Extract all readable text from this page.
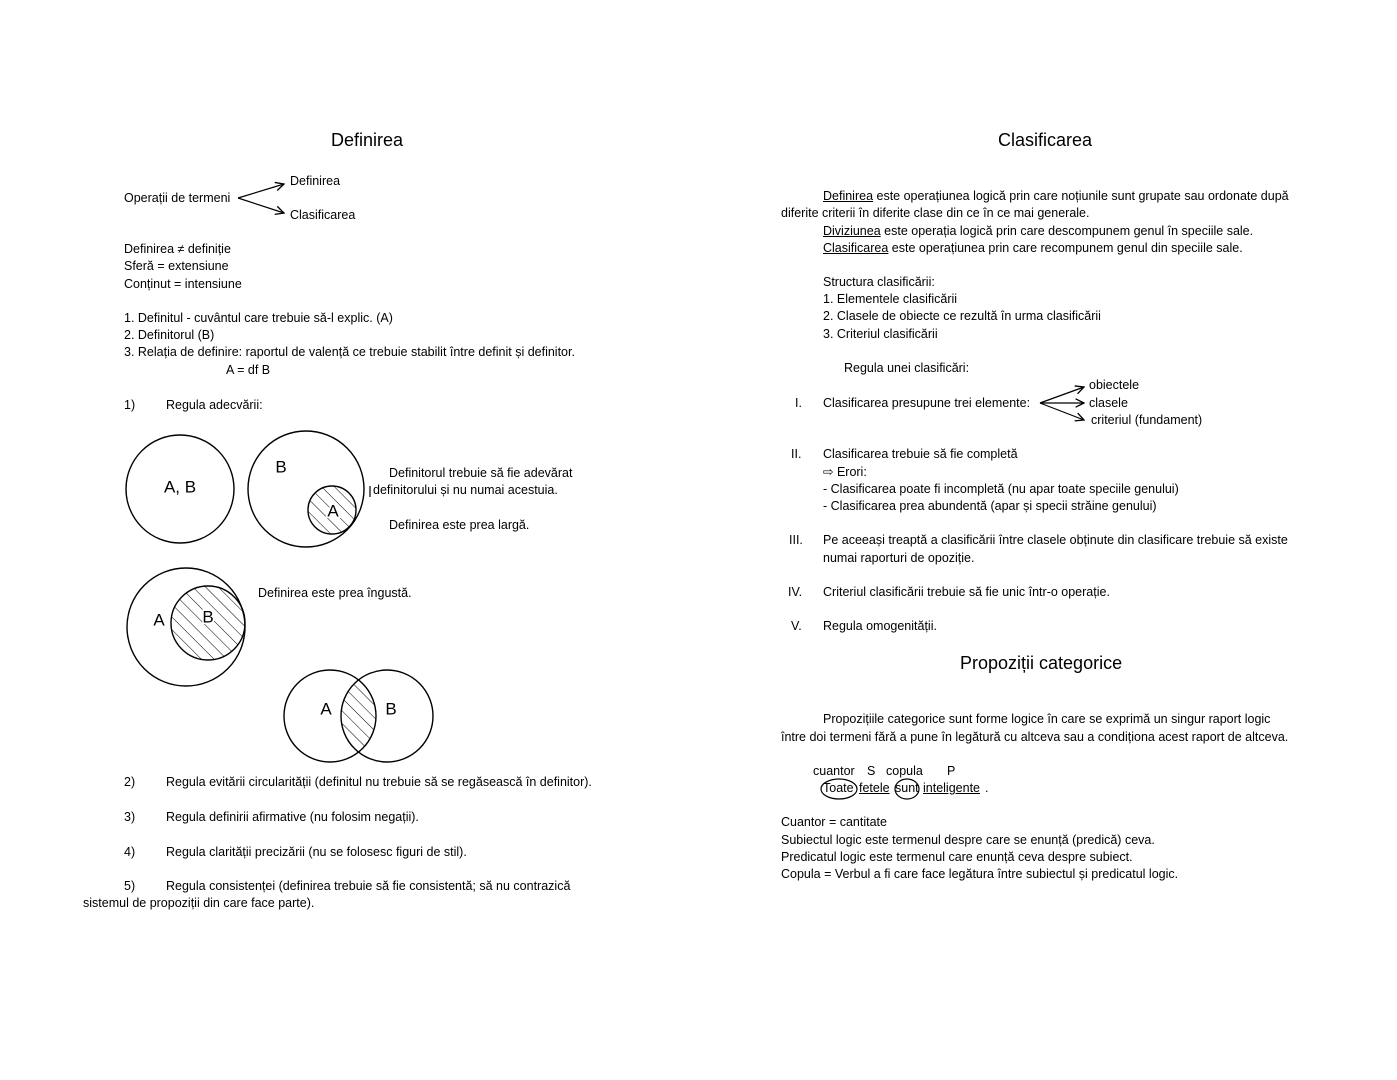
Definirea
Operații de termeni
Definirea
Clasificarea
Definirea ≠ definiție
Sferă = extensiune
Conținut = intensiune
1. Definitul - cuvântul care trebuie să-l explic. (A)
2. Definitorul (B)
3. Relația de definire: raportul de valență ce trebuie stabilit între definit și definitor.
A = df B
1) Regula adecvării:
Definitorul trebuie să fie adevărat
definitorului și nu numai acestuia.
Definirea este prea largă.
Definirea este prea îngustă.
2) Regula evitării circularității (definitul nu trebuie să se regăsească în definitor).
3) Regula definirii afirmative (nu folosim negații).
4) Regula clarității precizării (nu se folosesc figuri de stil).
5) Regula consistenței (definirea trebuie să fie consistentă; să nu contrazică
sistemul de propoziții din care face parte).
Clasificarea
Definirea este operațiunea logică prin care noțiunile sunt grupate sau ordonate după
diferite criterii în diferite clase din ce în ce mai generale.
Diviziunea este operația logică prin care descompunem genul în speciile sale.
Clasificarea este operațiunea prin care recompunem genul din speciile sale.
Structura clasificării:
1. Elementele clasificării
2. Clasele de obiecte ce rezultă în urma clasificării
3. Criteriul clasificării
Regula unei clasificări:
I. Clasificarea presupune trei elemente:
obiectele
clasele
criteriul (fundament)
II. Clasificarea trebuie să fie completă
⇨ Erori:
- Clasificarea poate fi incompletă (nu apar toate speciile genului)
- Clasificarea prea abundentă (apar și specii străine genului)
III. Pe aceeași treaptă a clasificării între clasele obținute din clasificare trebuie să existe
numai raporturi de opoziție.
IV. Criteriul clasificării trebuie să fie unic într-o operație.
V. Regula omogenității.
Propoziții categorice
Propozițiile categorice sunt forme logice în care se exprimă un singur raport logic
între doi termeni fără a pune în legătură cu altceva sau a condiționa acest raport de altceva.
cuantor S copula P
Toate fetele sunt inteligente .
Cuantor = cantitate
Subiectul logic este termenul despre care se enunță (predică) ceva.
Predicatul logic este termenul care enunță ceva despre subiect.
Copula = Verbul a fi care face legătura între subiectul și predicatul logic.
A, B
B
A
A B
A	B
